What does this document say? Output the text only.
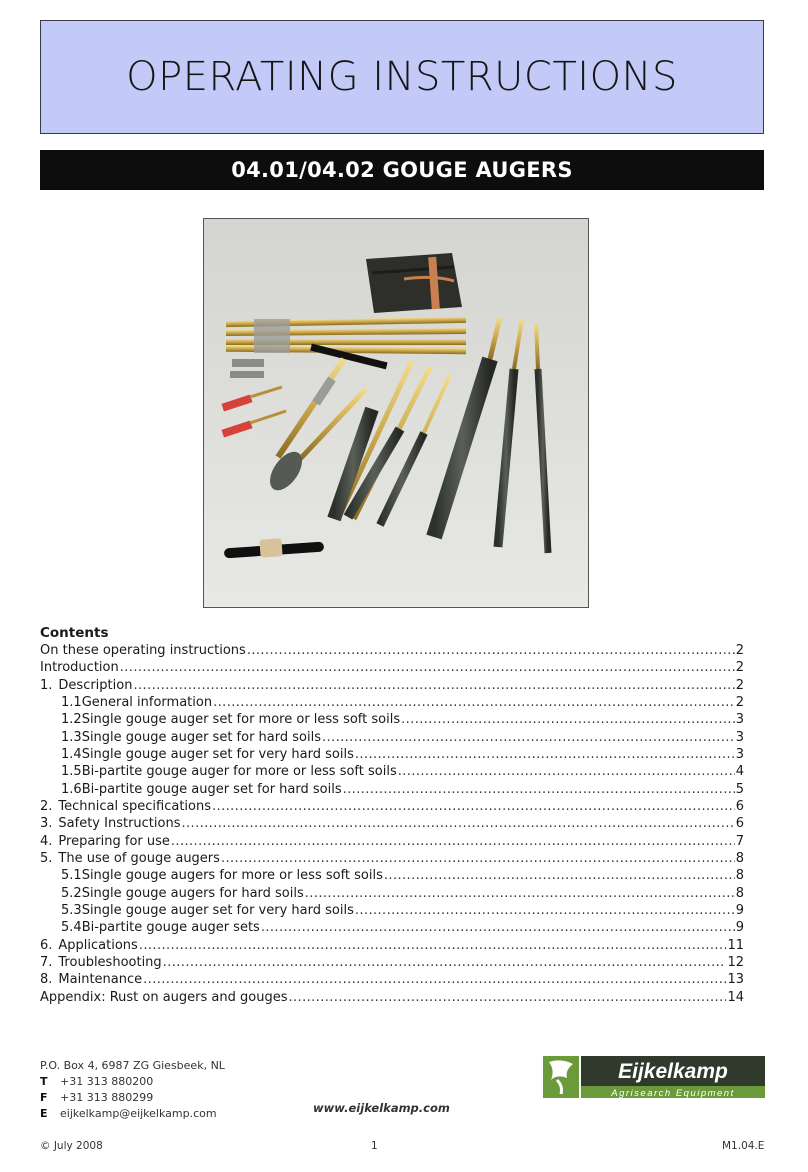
OPERATING INSTRUCTIONS
04.01/04.02 GOUGE AUGERS
Contents
On these operating instructions .....	2
Introduction .....	2
1. Description .....	2
1.1 General information .....	2
1.2 Single gouge auger set for more or less soft soils .....	3
1.3 Single gouge auger set for hard soils .....	3
1.4 Single gouge auger set for very hard soils .....	3
1.5 Bi-partite gouge auger for more or less soft soils .....	4
1.6 Bi-partite gouge auger set for hard soils .....	5
2. Technical specifications .....	6
3. Safety Instructions .....	6
4. Preparing for use .....	7
5. The use of gouge augers .....	8
5.1 Single gouge augers for more or less soft soils .....	8
5.2 Single gouge augers for hard soils .....	8
5.3 Single gouge auger set for very hard soils .....	9
5.4 Bi-partite gouge auger sets .....	9
6. Applications .....	11
7. Troubleshooting .....	12
8. Maintenance .....	13
Appendix: Rust on augers and gouges .....	14
P.O. Box 4, 6987 ZG Giesbeek, NL
T	+31 313 880200
F	+31 313 880299
E	eijkelkamp@eijkelkamp.com	www.eijkelkamp.com
Eijkelkamp
Agrisearch Equipment
© July 2008	1	M1.04.E
